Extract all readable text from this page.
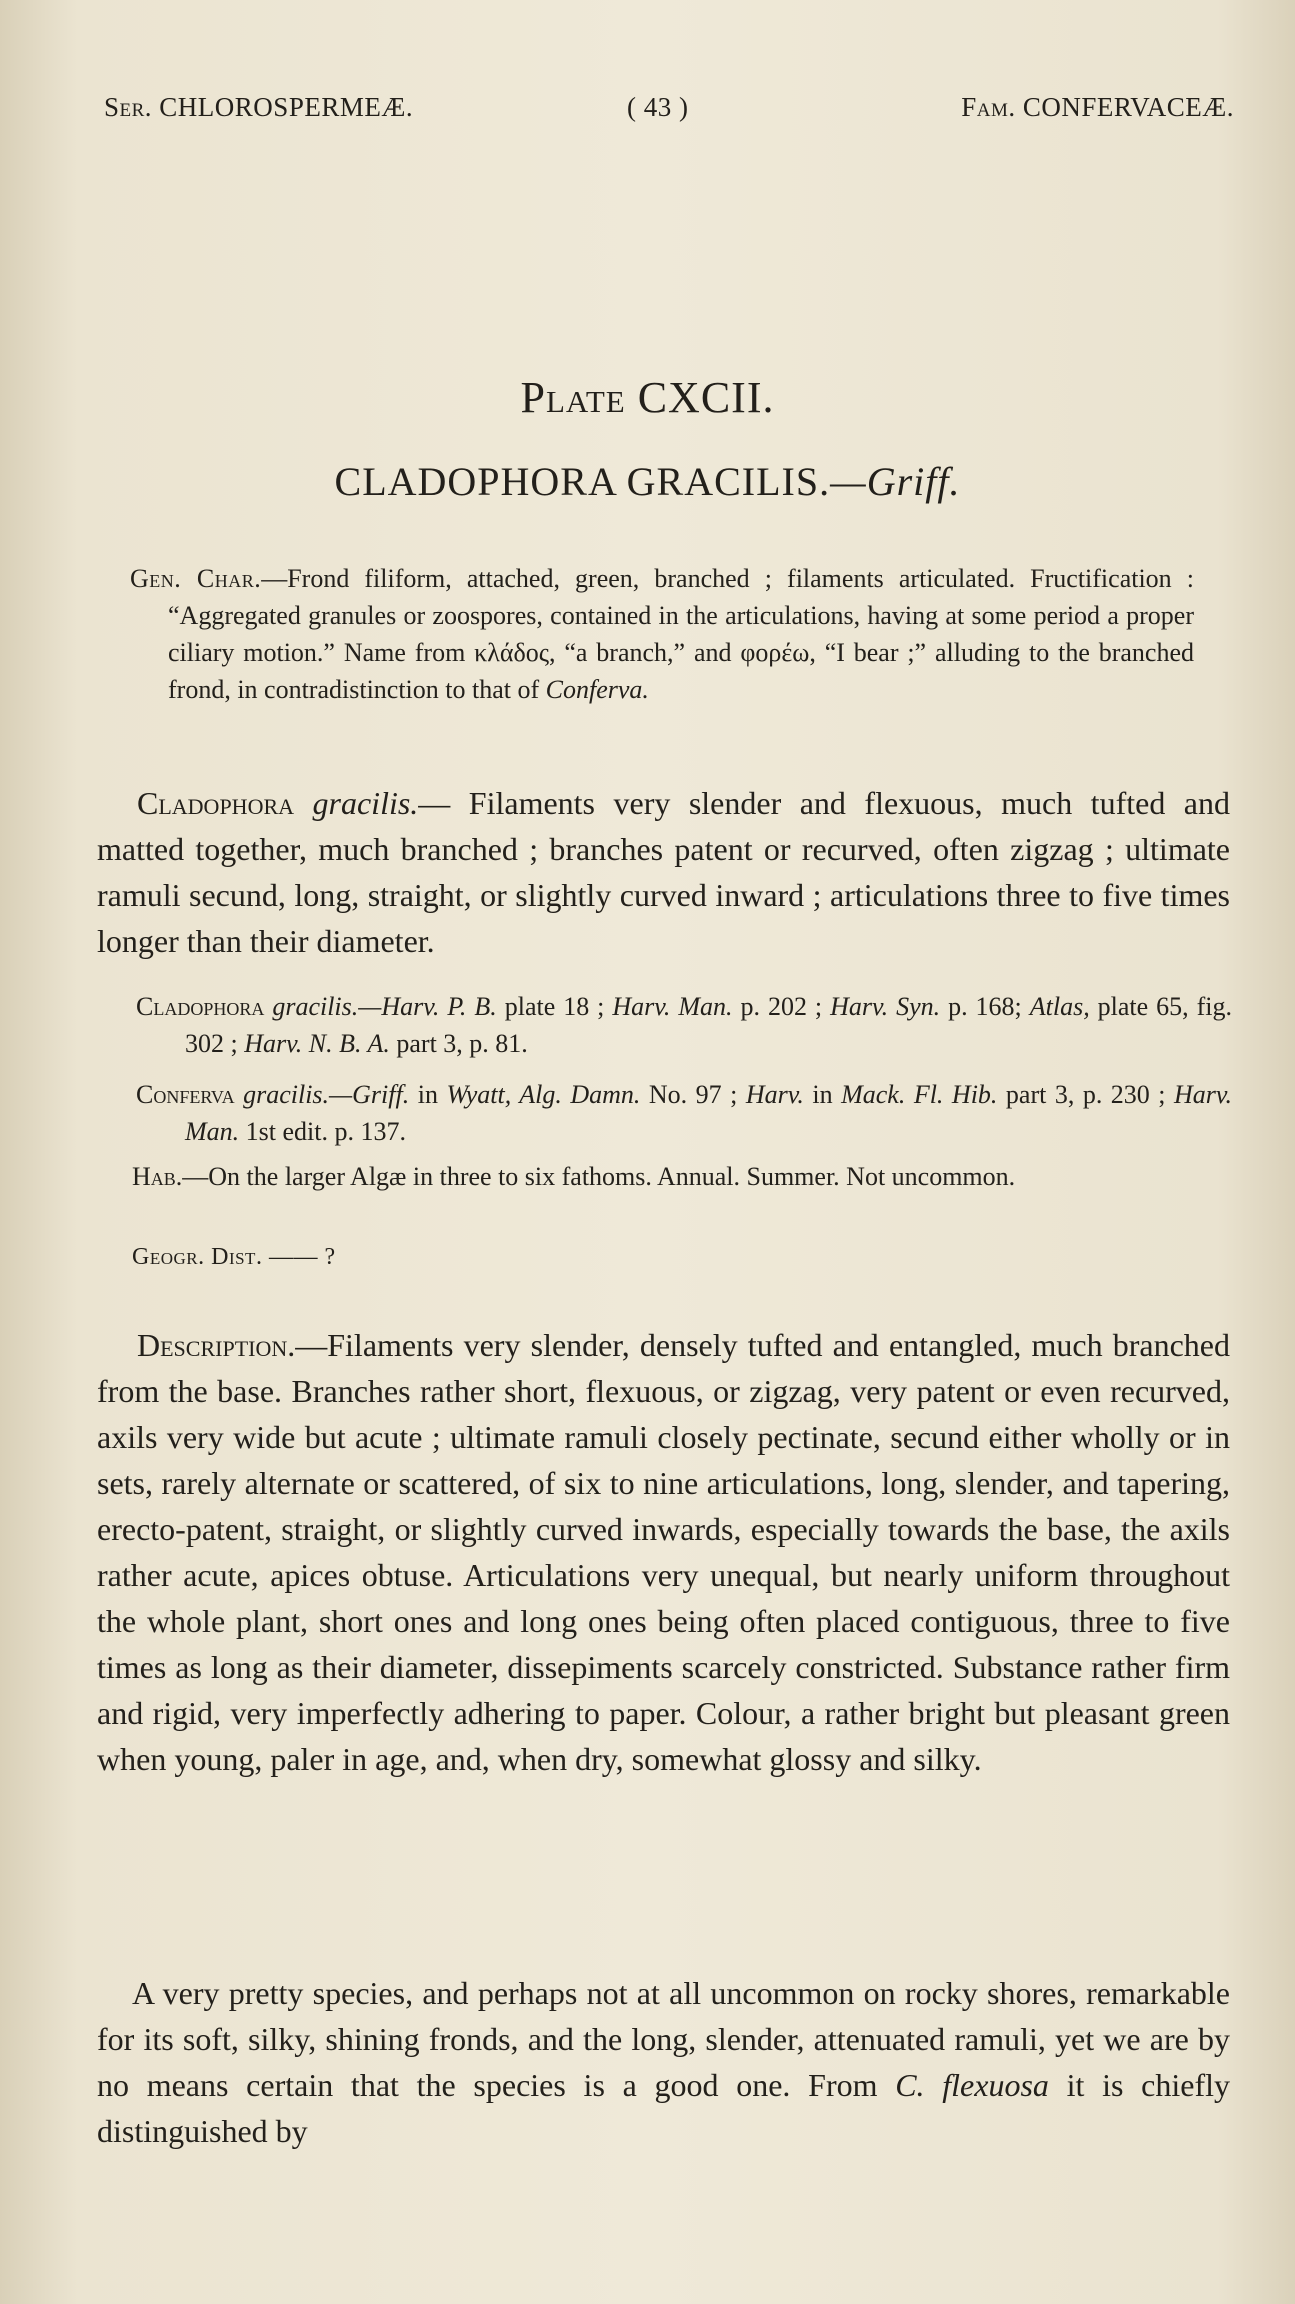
Ser. CHLOROSPERMEÆ.	( 43 )	Fam. CONFERVACEÆ.
Plate CXCII.
CLADOPHORA GRACILIS.—Griff.
Gen. Char.—Frond filiform, attached, green, branched ; filaments articulated. Fructification : “Aggregated granules or zoospores, contained in the articulations, having at some period a proper ciliary motion.” Name from κλάδος, “a branch,” and φορέω, “I bear ;” alluding to the branched frond, in contradistinction to that of Conferva.
Cladophora gracilis.— Filaments very slender and flexuous, much tufted and matted together, much branched ; branches patent or recurved, often zigzag ; ultimate ramuli secund, long, straight, or slightly curved inward ; articulations three to five times longer than their diameter.
Cladophora gracilis.—Harv. P. B. plate 18 ; Harv. Man. p. 202 ; Harv. Syn. p. 168; Atlas, plate 65, fig. 302 ; Harv. N. B. A. part 3, p. 81.
Conferva gracilis.—Griff. in Wyatt, Alg. Damn. No. 97 ; Harv. in Mack. Fl. Hib. part 3, p. 230 ; Harv. Man. 1st edit. p. 137.
Hab.—On the larger Algæ in three to six fathoms. Annual. Summer. Not uncommon.
Geogr. Dist. —— ?
Description.—Filaments very slender, densely tufted and entangled, much branched from the base. Branches rather short, flexuous, or zigzag, very patent or even recurved, axils very wide but acute ; ultimate ramuli closely pectinate, secund either wholly or in sets, rarely alternate or scattered, of six to nine articulations, long, slender, and tapering, erecto-patent, straight, or slightly curved inwards, especially towards the base, the axils rather acute, apices obtuse. Articulations very unequal, but nearly uniform throughout the whole plant, short ones and long ones being often placed contiguous, three to five times as long as their diameter, dissepiments scarcely constricted. Substance rather firm and rigid, very imperfectly adhering to paper. Colour, a rather bright but pleasant green when young, paler in age, and, when dry, somewhat glossy and silky.
A very pretty species, and perhaps not at all uncommon on rocky shores, remarkable for its soft, silky, shining fronds, and the long, slender, attenuated ramuli, yet we are by no means certain that the species is a good one. From C. flexuosa it is chiefly distinguished by
